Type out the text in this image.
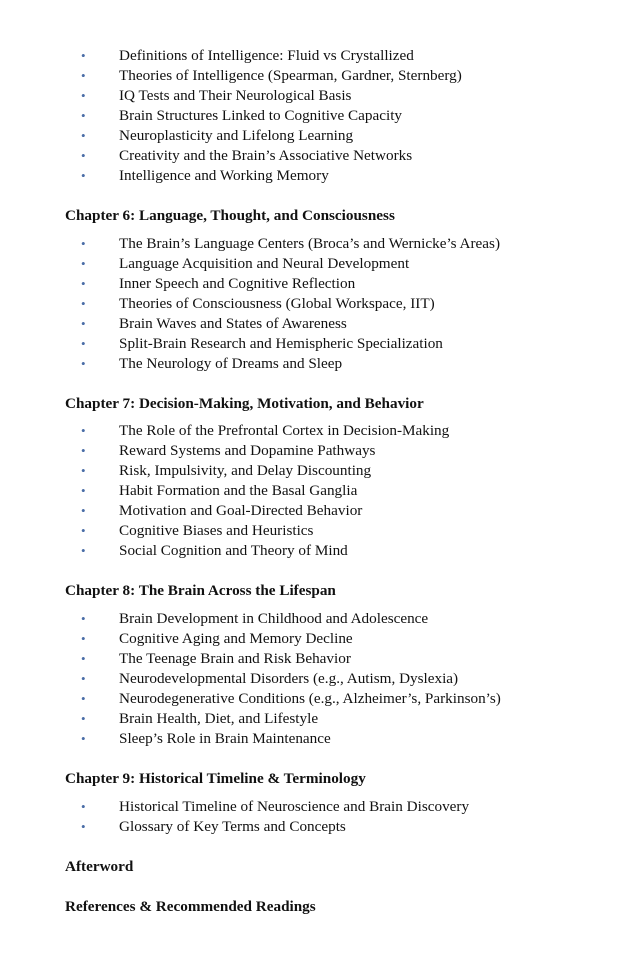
•	Definitions of Intelligence: Fluid vs Crystallized
•	Theories of Intelligence (Spearman, Gardner, Sternberg)
•	IQ Tests and Their Neurological Basis
•	Brain Structures Linked to Cognitive Capacity
•	Neuroplasticity and Lifelong Learning
•	Creativity and the Brain’s Associative Networks
•	Intelligence and Working Memory
Chapter 6: Language, Thought, and Consciousness
•	The Brain’s Language Centers (Broca’s and Wernicke’s Areas)
•	Language Acquisition and Neural Development
•	Inner Speech and Cognitive Reflection
•	Theories of Consciousness (Global Workspace, IIT)
•	Brain Waves and States of Awareness
•	Split-Brain Research and Hemispheric Specialization
•	The Neurology of Dreams and Sleep
Chapter 7: Decision-Making, Motivation, and Behavior
•	The Role of the Prefrontal Cortex in Decision-Making
•	Reward Systems and Dopamine Pathways
•	Risk, Impulsivity, and Delay Discounting
•	Habit Formation and the Basal Ganglia
•	Motivation and Goal-Directed Behavior
•	Cognitive Biases and Heuristics
•	Social Cognition and Theory of Mind
Chapter 8: The Brain Across the Lifespan
•	Brain Development in Childhood and Adolescence
•	Cognitive Aging and Memory Decline
•	The Teenage Brain and Risk Behavior
•	Neurodevelopmental Disorders (e.g., Autism, Dyslexia)
•	Neurodegenerative Conditions (e.g., Alzheimer’s, Parkinson’s)
•	Brain Health, Diet, and Lifestyle
•	Sleep’s Role in Brain Maintenance
Chapter 9: Historical Timeline & Terminology
•	Historical Timeline of Neuroscience and Brain Discovery
•	Glossary of Key Terms and Concepts
Afterword
References & Recommended Readings
